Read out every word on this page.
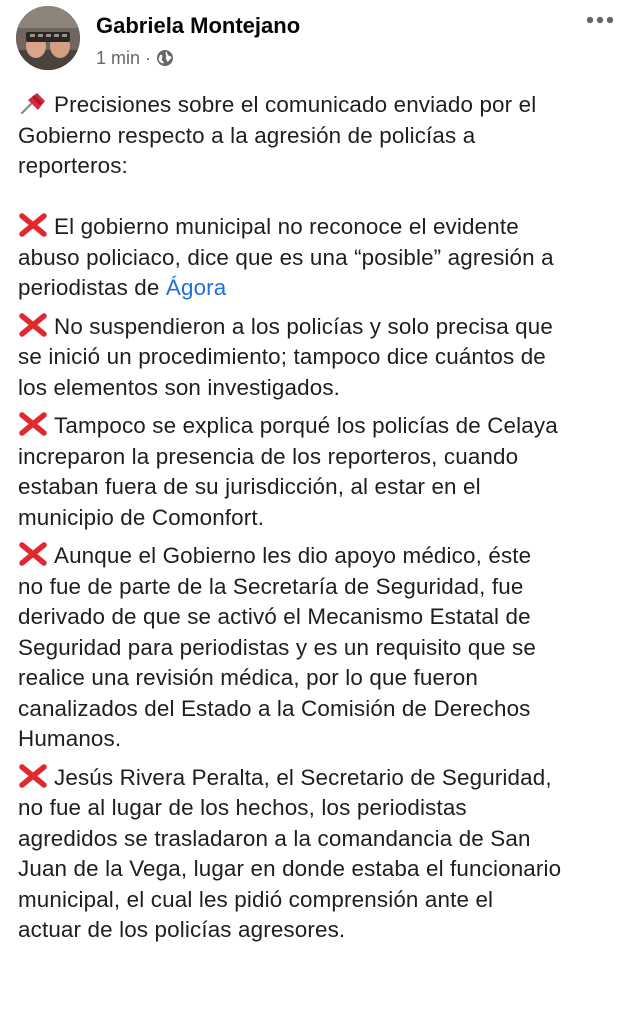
Gabriela Montejano
1 min ·

Precisiones sobre el comunicado enviado por el
Gobierno respecto a la agresión de policías a
reporteros:

El gobierno municipal no reconoce el evidente
abuso policiaco, dice que es una “posible” agresión a
periodistas de Ágora

No suspendieron a los policías y solo precisa que
se inició un procedimiento; tampoco dice cuántos de
los elementos son investigados.

Tampoco se explica porqué los policías de Celaya
increparon la presencia de los reporteros, cuando
estaban fuera de su jurisdicción, al estar en el
municipio de Comonfort.

Aunque el Gobierno les dio apoyo médico, éste
no fue de parte de la Secretaría de Seguridad, fue
derivado de que se activó el Mecanismo Estatal de
Seguridad para periodistas y es un requisito que se
realice una revisión médica, por lo que fueron
canalizados del Estado a la Comisión de Derechos
Humanos.

Jesús Rivera Peralta, el Secretario de Seguridad,
no fue al lugar de los hechos, los periodistas
agredidos se trasladaron a la comandancia de San
Juan de la Vega, lugar en donde estaba el funcionario
municipal, el cual les pidió comprensión ante el
actuar de los policías agresores.
